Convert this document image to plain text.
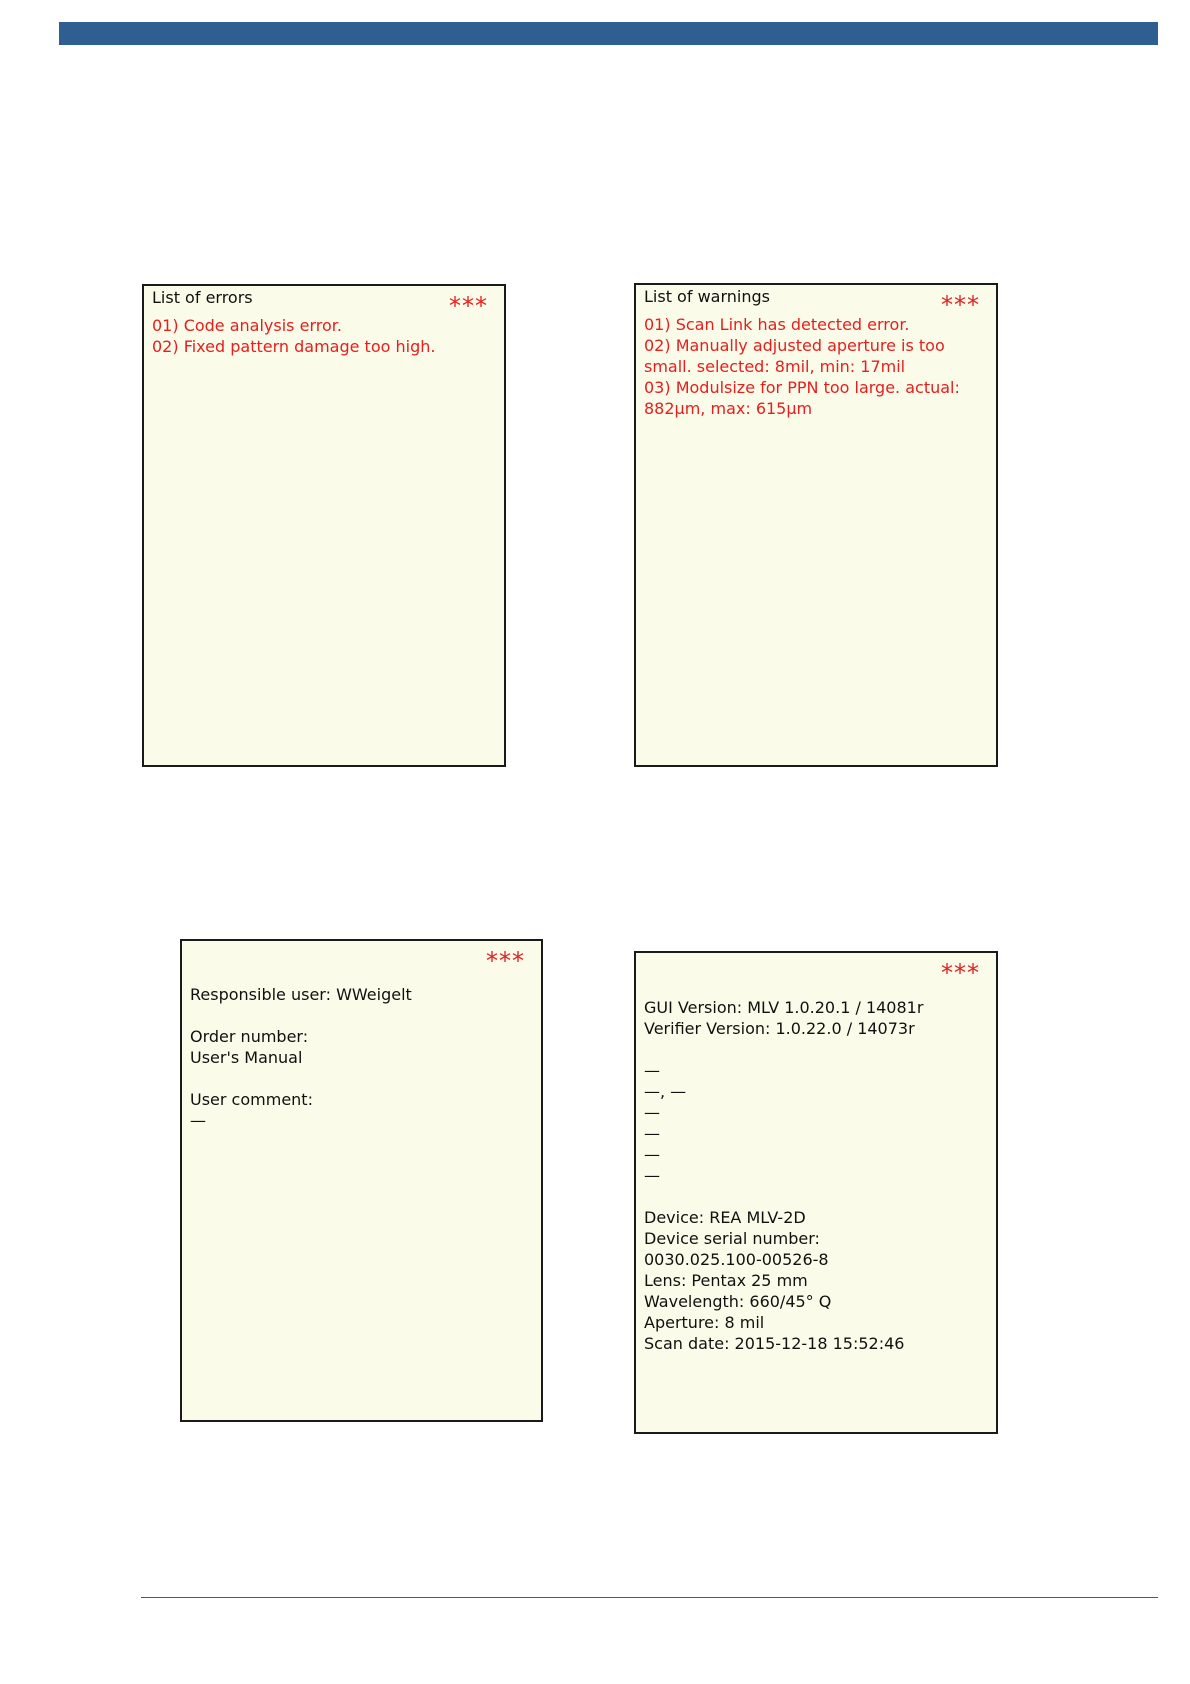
List of errors	***
01) Code analysis error.
02) Fixed pattern damage too high.
List of warnings	***
01) Scan Link has detected error.
02) Manually adjusted aperture is too
small. selected: 8mil, min: 17mil
03) Modulsize for PPN too large. actual:
882µm, max: 615µm
***
Responsible user: WWeigelt
Order number:
User's Manual
User comment:
—
***
GUI Version: MLV 1.0.20.1 / 14081r
Verifier Version: 1.0.22.0 / 14073r
—
—, —
—
—
—
—
Device: REA MLV-2D
Device serial number:
0030.025.100-00526-8
Lens: Pentax 25 mm
Wavelength: 660/45° Q
Aperture: 8 mil
Scan date: 2015-12-18 15:52:46
